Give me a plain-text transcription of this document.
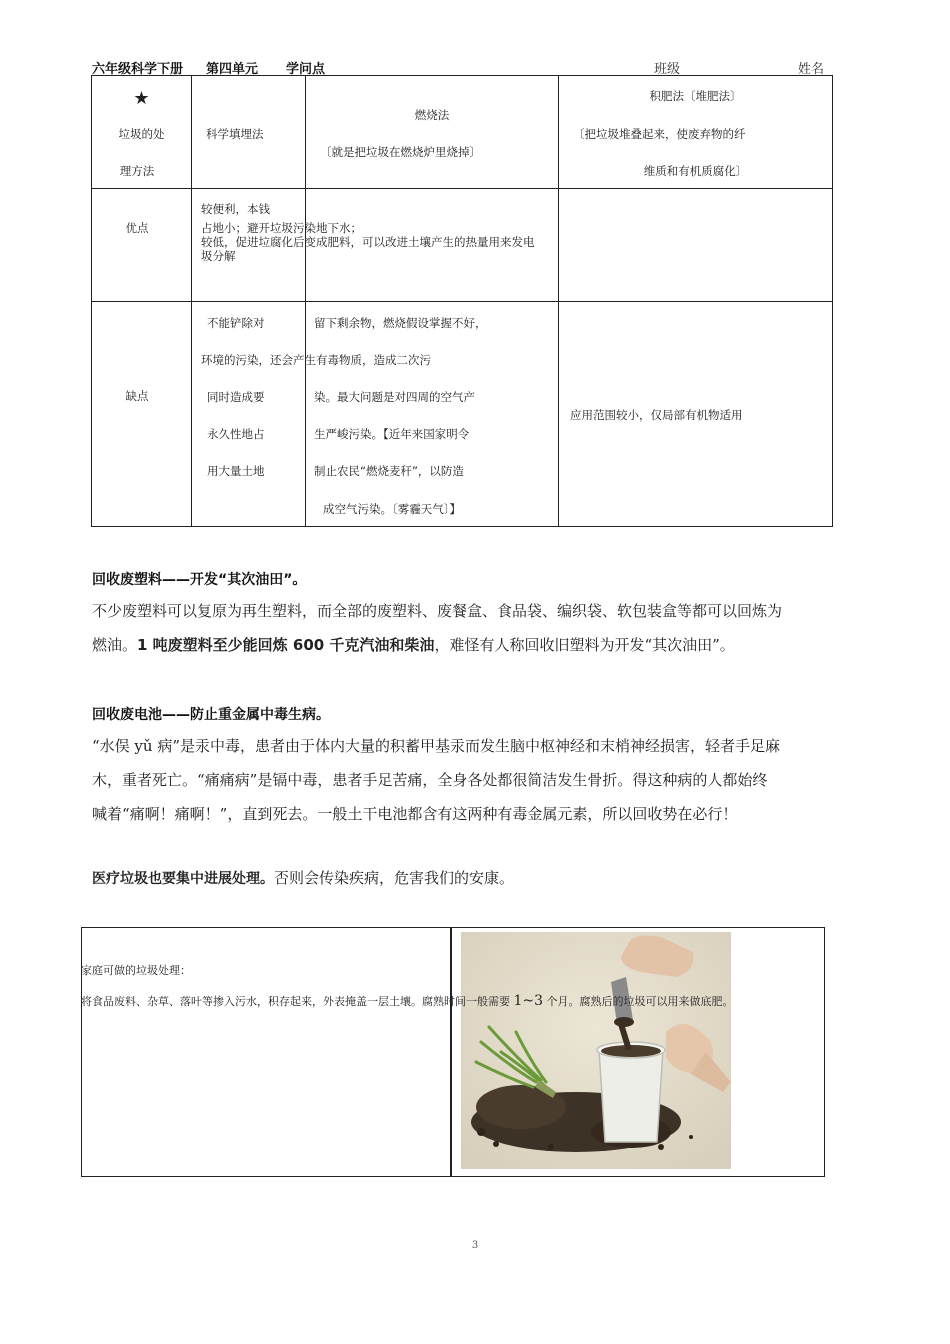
六年级科学下册 第四单元 学问点	班级	姓名
★
垃圾的处
理方法
科学填埋法
燃烧法
〔就是把垃圾在燃烧炉里烧掉〕
积肥法〔堆肥法〕
〔把垃圾堆叠起来，使废弃物的纤
维质和有机质腐化〕
优点
较便利，本钱
占地小；避开垃圾污染地下水；
较低，促进垃腐化后变成肥料，可以改进土壤产生的热量用来发电
圾分解
缺点
应用范围较小，仅局部有机物适用
不能铲除对
环境的污染，还会产生有毒物质，造成二次污
同时造成要
永久性地占
用大量土地
留下剩余物，燃烧假设掌握不好，
染。最大问题是对四周的空气产
生严峻污染。【近年来国家明令
制止农民“燃烧麦秆”，以防造
成空气污染。〔雾霾天气〕】
回收废塑料——开发“其次油田”。
不少废塑料可以复原为再生塑料，而全部的废塑料、废餐盒、食品袋、编织袋、软包装盒等都可以回炼为
燃油。1 吨废塑料至少能回炼 600 千克汽油和柴油，难怪有人称回收旧塑料为开发“其次油田”。
回收废电池——防止重金属中毒生病。
“水俣 yǔ 病”是汞中毒，患者由于体内大量的积蓄甲基汞而发生脑中枢神经和末梢神经损害，轻者手足麻
木，重者死亡。“痛痛病”是镉中毒，患者手足苦痛，全身各处都很简洁发生骨折。得这种病的人都始终
喊着“痛啊！痛啊！”，直到死去。一般土干电池都含有这两种有毒金属元素，所以回收势在必行！
医疗垃圾也要集中进展处理。否则会传染疾病，危害我们的安康。
家庭可做的垃圾处理：
将食品废料、杂草、落叶等掺入污水，积存起来，外表掩盖一层土壤。腐熟时间一般需要 1~3 个月。腐熟后的垃圾可以用来做底肥。
3
